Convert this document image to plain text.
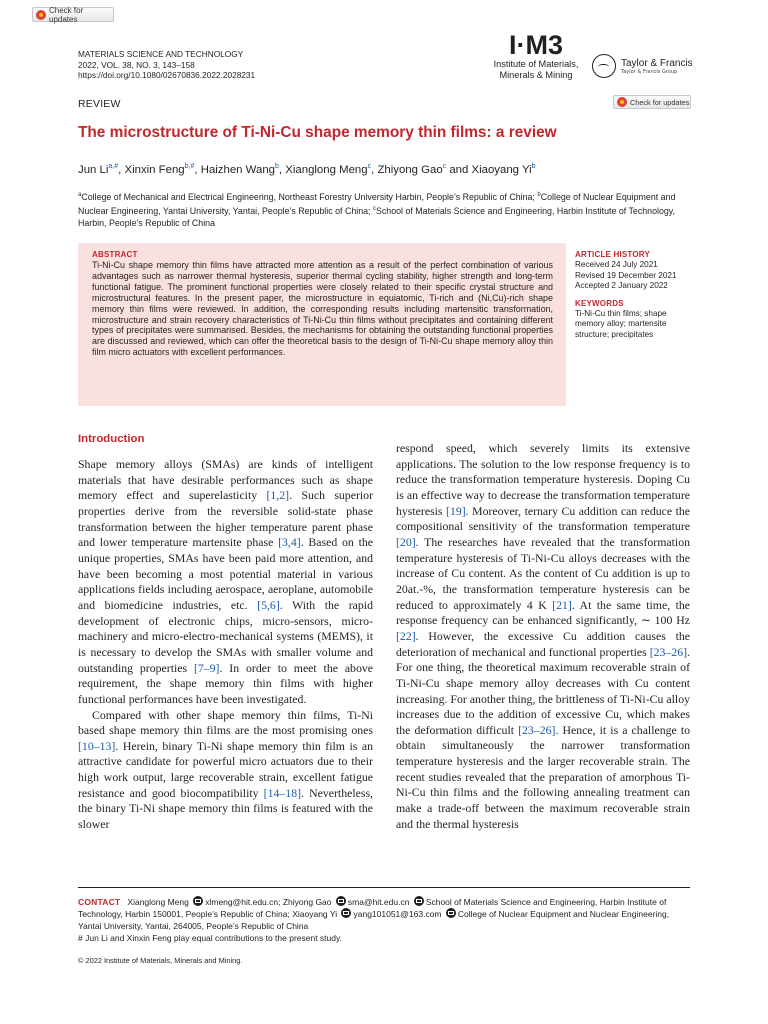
Check for updates
MATERIALS SCIENCE AND TECHNOLOGY
2022, VOL. 38, NO. 3, 143–158
https://doi.org/10.1080/02670836.2022.2028231
I·M3
Institute of Materials,
Minerals & Mining
Taylor & Francis
Taylor & Francis Group
REVIEW	Check for updates
The microstructure of Ti-Ni-Cu shape memory thin films: a review
Jun $Li^{a,\#}$, Xinxin Feng$^{b,\#}$, Haizhen Wang$^b$, Xianglong Meng$^c$, Zhiyong Gao$^c$ and Xiaoyang Yi$^b$
$^a$College of Mechanical and Electrical Engineering, Northeast Forestry University Harbin, People’s Republic of China; $^b$College of Nuclear Equipment and Nuclear Engineering, Yantai University, Yantai, People’s Republic of China; $^c$School of Materials Science and Engineering, Harbin Institute of Technology, Harbin, People’s Republic of China
ABSTRACT
Ti-Ni-Cu shape memory thin films have attracted more attention as a result of the perfect combination of various advantages such as narrower thermal hysteresis, superior thermal cycling stability, higher strength and long-term functional fatigue. The prominent functional properties were closely related to their specific crystal structure and microstructural features. In the present paper, the microstructure in equiatomic, Ti-rich and (Ni,Cu)-rich shape memory thin films were reviewed. In addition, the corresponding results including martensitic transformation, microstructure and strain recovery characteristics of Ti-Ni-Cu thin films without precipitates and containing different types of precipitates were summarised. Besides, the mechanisms for obtaining the outstanding functional properties are discussed and reviewed, which can offer the theoretical basis to the design of Ti-Ni-Cu shape memory alloy thin film micro actuators with excellent performances.
ARTICLE HISTORY
Received 24 July 2021
Revised 19 December 2021
Accepted 2 January 2022
KEYWORDS
Ti-Ni-Cu thin films; shape memory alloy; martensite structure; precipitates
Introduction

Shape memory alloys (SMAs) are kinds of intelligent materials that have desirable performances such as shape memory effect and superelasticity [1,2]. Such superior properties derive from the reversible solid-state phase transformation between the higher temperature parent phase and lower temperature martensite phase [3,4]. Based on the unique properties, SMAs have been paid more attention, and have been becoming a most potential material in various applications fields including aerospace, aeroplane, automobile and biomedicine industries, etc. [5,6]. With the rapid development of electronic chips, micro-sensors, micro-machinery and micro-electro-mechanical systems (MEMS), it is necessary to develop the SMAs with smaller volume and outstanding properties [7–9]. In order to meet the above requirement, the shape memory thin films with higher functional performances have been investigated.

Compared with other shape memory thin films, Ti-Ni based shape memory thin films are the most promising ones [10–13]. Herein, binary Ti-Ni shape memory thin film is an attractive candidate for powerful micro actuators due to their high work output, large recoverable strain, excellent fatigue resistance and good biocompatibility [14–18]. Nevertheless, the binary Ti-Ni shape memory thin films is featured with the slower

respond speed, which severely limits its extensive applications. The solution to the low response frequency is to reduce the transformation temperature hysteresis. Doping Cu is an effective way to decrease the transformation temperature hysteresis [19]. Moreover, ternary Cu addition can reduce the compositional sensitivity of the transformation temperature [20]. The researches have revealed that the transformation temperature hysteresis of Ti-Ni-Cu alloys decreases with the increase of Cu content. As the content of Cu addition is up to 20at.-%, the transformation temperature hysteresis can be reduced to approximately 4 K [21]. At the same time, the response frequency can be enhanced significantly, ∼ 100 Hz [22]. However, the excessive Cu addition causes the deterioration of mechanical and functional properties [23–26]. For one thing, the theoretical maximum recoverable strain of Ti-Ni-Cu shape memory alloy decreases with Cu content increasing. For another thing, the brittleness of Ti-Ni-Cu alloy increases due to the addition of excessive Cu, which makes the deformation difficult [23–26]. Hence, it is a challenge to obtain simultaneously the narrower transformation temperature hysteresis and the larger recoverable strain. The recent studies revealed that the preparation of amorphous Ti-Ni-Cu thin films and the following annealing treatment can make a trade-off between the maximum recoverable strain and the thermal hysteresis

CONTACT Xianglong Meng xlmeng@hit.edu.cn; Zhiyong Gao sma@hit.edu.cn School of Materials Science and Engineering, Harbin Institute of Technology, Harbin 150001, People’s Republic of China; Xiaoyang Yi yang101051@163.com College of Nuclear Equipment and Nuclear Engineering, Yantai University, Yantai, 264005, People’s Republic of China
# Jun Li and Xinxin Feng play equal contributions to the present study.
© 2022 Institute of Materials, Minerals and Mining.
